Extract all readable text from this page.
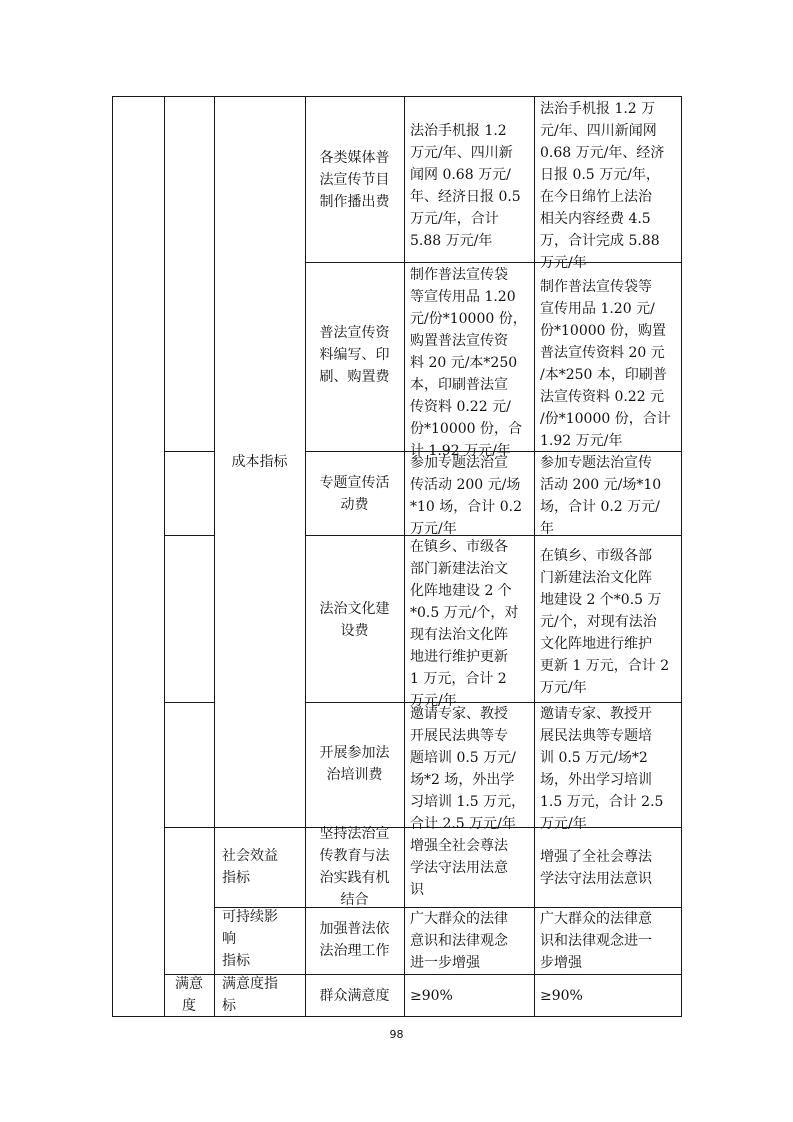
成本指标
各类媒体普
法宣传节目
制作播出费
法治手机报 1.2
万元/年、四川新
闻网 0.68 万元/
年、经济日报 0.5
万元/年，合计
5.88 万元/年
法治手机报 1.2 万
元/年、四川新闻网
0.68 万元/年、经济
日报 0.5 万元/年，
在今日绵竹上法治
相关内容经费 4.5
万，合计完成 5.88
万元/年
普法宣传资
料编写、印
刷、购置费
制作普法宣传袋
等宣传用品 1.20
元/份*10000 份，
购置普法宣传资
料 20 元/本*250
本，印刷普法宣
传资料 0.22 元/
份*10000 份，合
计 1.92 万元/年
制作普法宣传袋等
宣传用品 1.20 元/
份*10000 份，购置
普法宣传资料 20 元
/本*250 本，印刷普
法宣传资料 0.22 元
/份*10000 份，合计
1.92 万元/年
专题宣传活
动费
参加专题法治宣
传活动 200 元/场
*10 场，合计 0.2
万元/年
参加专题法治宣传
活动 200 元/场*10
场，合计 0.2 万元/
年
法治文化建
设费
在镇乡、市级各
部门新建法治文
化阵地建设 2 个
*0.5 万元/个，对
现有法治文化阵
地进行维护更新
1 万元，合计 2
万元/年
在镇乡、市级各部
门新建法治文化阵
地建设 2 个*0.5 万
元/个，对现有法治
文化阵地进行维护
更新 1 万元，合计 2
万元/年
开展参加法
治培训费
邀请专家、教授
开展民法典等专
题培训 0.5 万元/
场*2 场，外出学
习培训 1.5 万元，
合计 2.5 万元/年
邀请专家、教授开
展民法典等专题培
训 0.5 万元/场*2
场，外出学习培训
1.5 万元，合计 2.5
万元/年
社会效益
指标
坚持法治宣
传教育与法
治实践有机
结合
增强全社会尊法
学法守法用法意
识
增强了全社会尊法
学法守法用法意识
可持续影
响
指标
加强普法依
法治理工作
广大群众的法律
意识和法律观念
进一步增强
广大群众的法律意
识和法律观念进一
步增强
满意
度
满意度指
标
群众满意度	≥90%	≥90%
98
